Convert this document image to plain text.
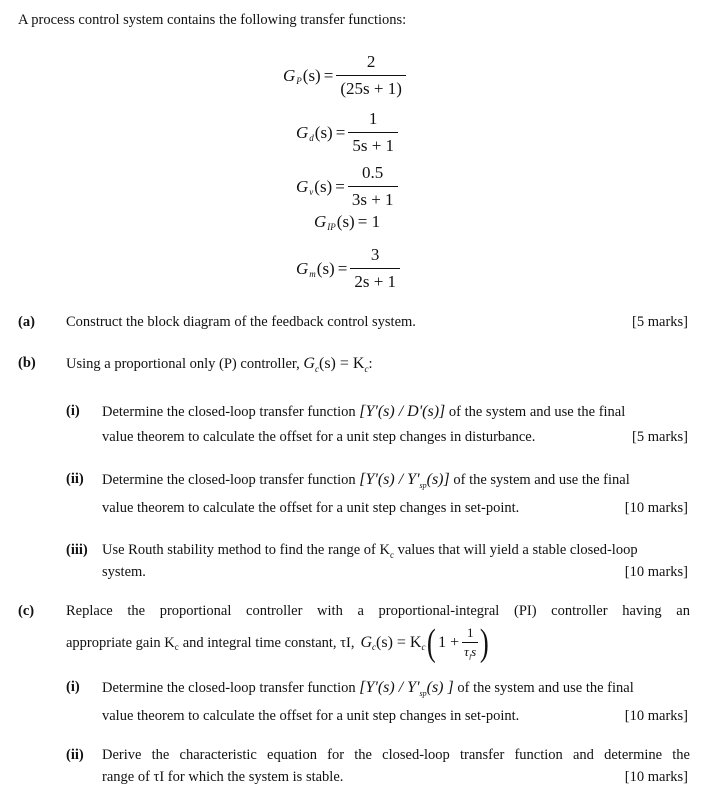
A process control system contains the following transfer functions:
$G_P$ $(s) = \frac{2}{(25s + 1)}$
$G_d$ $(s) = \frac{1}{5s + 1}$
$G_v$ $(s) = \frac{0.5}{3s + 1}$
$G_{IP}$ (s) = 1
$G_m$ $(s) = \frac{3}{2s + 1}$
(a) Construct the block diagram of the feedback control system.	[5 marks]
(b) Using a proportional only (P) controller, $G_c(s) = K_c$:
(i) Determine the closed-loop transfer function [Y'(s) / D'(s)] of the system and use the final
value theorem to calculate the offset for a unit step changes in disturbance.	[5 marks]
(ii) Determine the closed-loop transfer function $[Y'(s) / Y'_{sp}(s)]$ of the system and use the final
value theorem to calculate the offset for a unit step changes in set-point.	[10 marks]
(iii) Use Routh stability method to find the range of $K_c$ values that will yield a stable closed-loop
system.	[10 marks]
(c) Replace the proportional controller with a proportional-integral (PI) controller having an
appropriate gain $K_c$ and integral time constant, τI, G $_c$ (s) = K $_c$ ( $1 + \frac{1}{\tau_Is}$ )
(i) Determine the closed-loop transfer function [$Y'(s) / Y'_{sp}(s)$ ] of the system and use the final
value theorem to calculate the offset for a unit step changes in set-point.	[10 marks]
(ii) Derive the characteristic equation for the closed-loop transfer function and determine the
range of τI for which the system is stable.	[10 marks]
